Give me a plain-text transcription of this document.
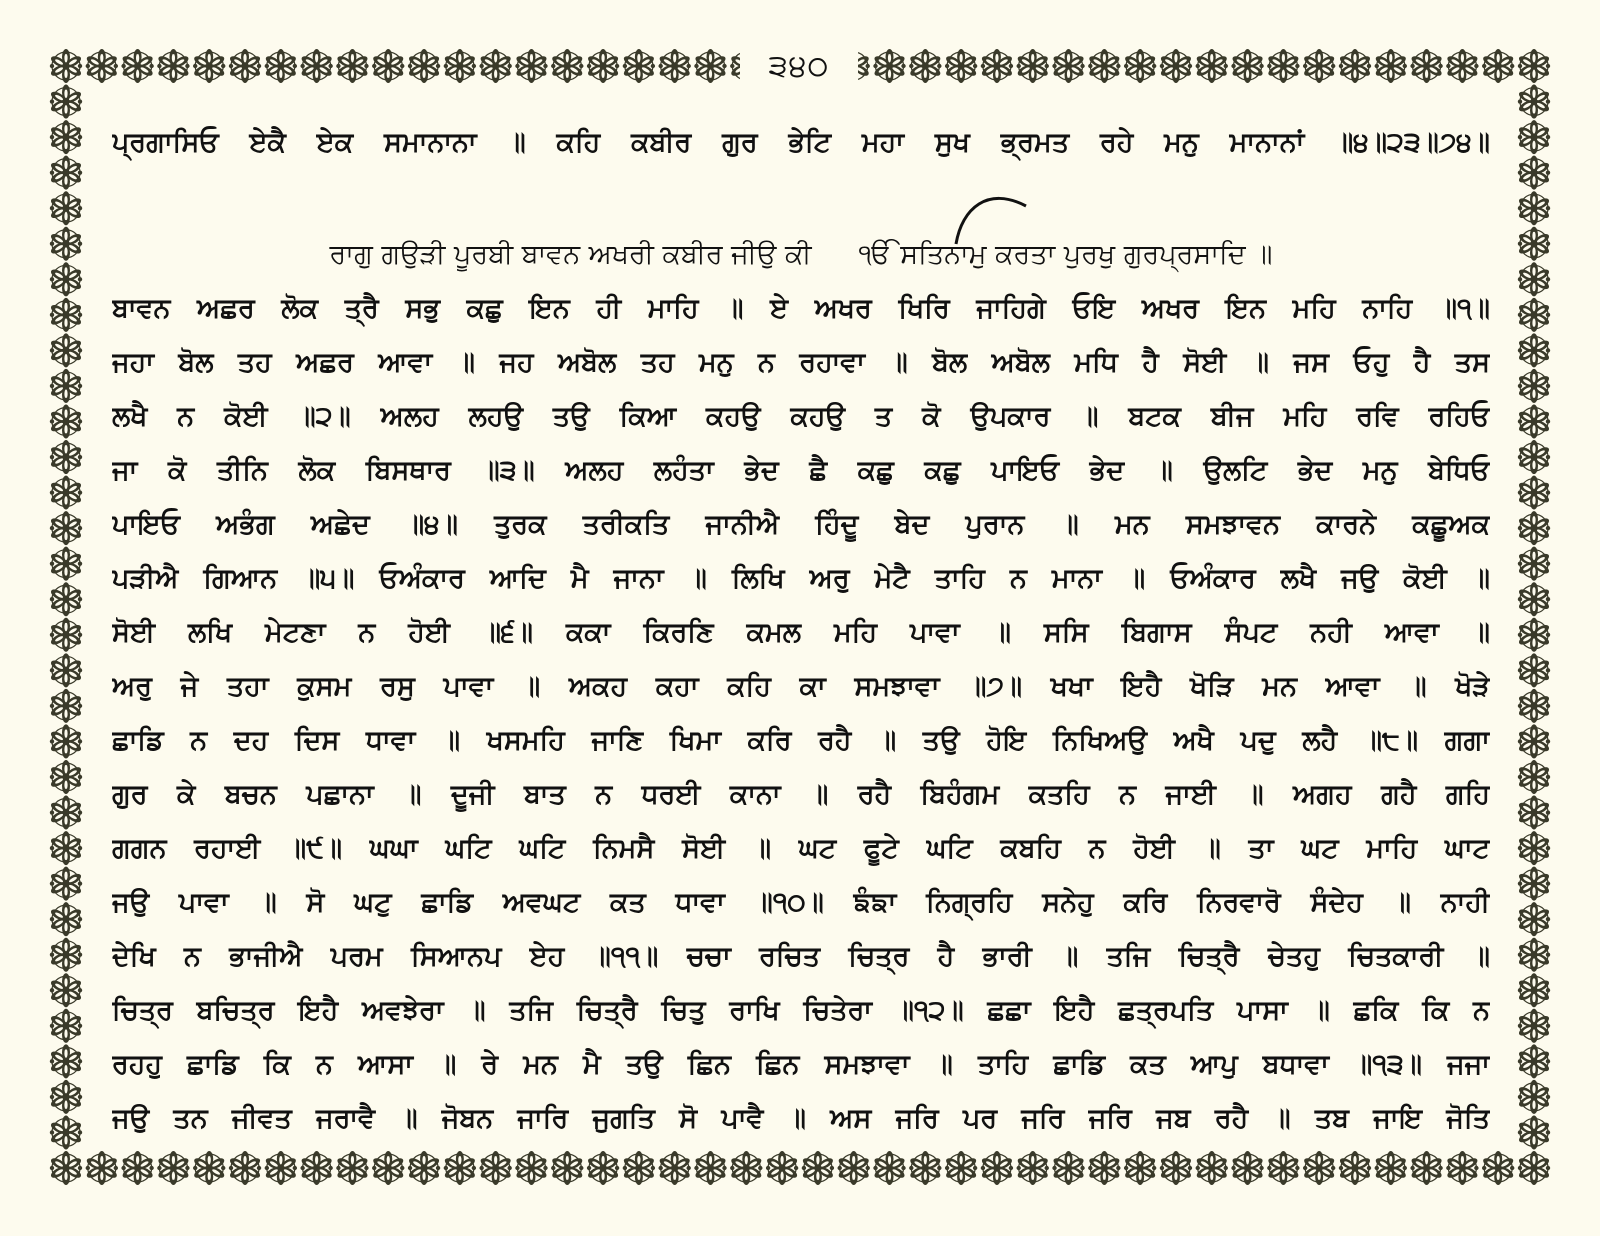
੩੪੦
ਪ੍ਰਗਾਸਿਓ ਏਕੈ ਏਕ ਸਮਾਨਾਨਾ ॥ ਕਹਿ ਕਬੀਰ ਗੁਰ ਭੇਟਿ ਮਹਾ ਸੁਖ ਭ੍ਰਮਤ ਰਹੇ ਮਨੁ ਮਾਨਾਨਾਂ ॥੪॥੨੩॥੭੪॥
ਰਾਗੁ ਗਉੜੀ ਪੂਰਬੀ ਬਾਵਨ ਅਖਰੀ ਕਬੀਰ ਜੀਉ ਕੀ ੴ ਸਤਿਨਾਮੁ ਕਰਤਾ ਪੁਰਖੁ ਗੁਰਪ੍ਰਸਾਦਿ ॥
ਬਾਵਨ ਅਛਰ ਲੋਕ ਤ੍ਰੈ ਸਭੁ ਕਛੁ ਇਨ ਹੀ ਮਾਹਿ ॥ ਏ ਅਖਰ ਖਿਰਿ ਜਾਹਿਗੇ ਓਇ ਅਖਰ ਇਨ ਮਹਿ ਨਾਹਿ ॥੧॥
ਜਹਾ ਬੋਲ ਤਹ ਅਛਰ ਆਵਾ ॥ ਜਹ ਅਬੋਲ ਤਹ ਮਨੁ ਨ ਰਹਾਵਾ ॥ ਬੋਲ ਅਬੋਲ ਮਧਿ ਹੈ ਸੋਈ ॥ ਜਸ ਓਹੁ ਹੈ ਤਸ
ਲਖੈ ਨ ਕੋਈ ॥੨॥ ਅਲਹ ਲਹਉ ਤਉ ਕਿਆ ਕਹਉ ਕਹਉ ਤ ਕੋ ਉਪਕਾਰ ॥ ਬਟਕ ਬੀਜ ਮਹਿ ਰਵਿ ਰਹਿਓ
ਜਾ ਕੋ ਤੀਨਿ ਲੋਕ ਬਿਸਥਾਰ ॥੩॥ ਅਲਹ ਲਹੰਤਾ ਭੇਦ ਛੈ ਕਛੁ ਕਛੁ ਪਾਇਓ ਭੇਦ ॥ ਉਲਟਿ ਭੇਦ ਮਨੁ ਬੇਧਿਓ
ਪਾਇਓ ਅਭੰਗ ਅਛੇਦ ॥੪॥ ਤੁਰਕ ਤਰੀਕਤਿ ਜਾਨੀਐ ਹਿੰਦੂ ਬੇਦ ਪੁਰਾਨ ॥ ਮਨ ਸਮਝਾਵਨ ਕਾਰਨੇ ਕਛੂਅਕ
ਪੜੀਐ ਗਿਆਨ ॥੫॥ ਓਅੰਕਾਰ ਆਦਿ ਮੈ ਜਾਨਾ ॥ ਲਿਖਿ ਅਰੁ ਮੇਟੈ ਤਾਹਿ ਨ ਮਾਨਾ ॥ ਓਅੰਕਾਰ ਲਖੈ ਜਉ ਕੋਈ ॥
ਸੋਈ ਲਖਿ ਮੇਟਣਾ ਨ ਹੋਈ ॥੬॥ ਕਕਾ ਕਿਰਣਿ ਕਮਲ ਮਹਿ ਪਾਵਾ ॥ ਸਸਿ ਬਿਗਾਸ ਸੰਪਟ ਨਹੀ ਆਵਾ ॥
ਅਰੁ ਜੇ ਤਹਾ ਕੁਸਮ ਰਸੁ ਪਾਵਾ ॥ ਅਕਹ ਕਹਾ ਕਹਿ ਕਾ ਸਮਝਾਵਾ ॥੭॥ ਖਖਾ ਇਹੈ ਖੋੜਿ ਮਨ ਆਵਾ ॥ ਖੋੜੇ
ਛਾਡਿ ਨ ਦਹ ਦਿਸ ਧਾਵਾ ॥ ਖਸਮਹਿ ਜਾਣਿ ਖਿਮਾ ਕਰਿ ਰਹੈ ॥ ਤਉ ਹੋਇ ਨਿਖਿਅਉ ਅਖੈ ਪਦੁ ਲਹੈ ॥੮॥ ਗਗਾ
ਗੁਰ ਕੇ ਬਚਨ ਪਛਾਨਾ ॥ ਦੂਜੀ ਬਾਤ ਨ ਧਰਈ ਕਾਨਾ ॥ ਰਹੈ ਬਿਹੰਗਮ ਕਤਹਿ ਨ ਜਾਈ ॥ ਅਗਹ ਗਹੈ ਗਹਿ
ਗਗਨ ਰਹਾਈ ॥੯॥ ਘਘਾ ਘਟਿ ਘਟਿ ਨਿਮਸੈ ਸੋਈ ॥ ਘਟ ਫੂਟੇ ਘਟਿ ਕਬਹਿ ਨ ਹੋਈ ॥ ਤਾ ਘਟ ਮਾਹਿ ਘਾਟ
ਜਉ ਪਾਵਾ ॥ ਸੋ ਘਟੁ ਛਾਡਿ ਅਵਘਟ ਕਤ ਧਾਵਾ ॥੧੦॥ ਙੰਙਾ ਨਿਗ੍ਰਹਿ ਸਨੇਹੁ ਕਰਿ ਨਿਰਵਾਰੋ ਸੰਦੇਹ ॥ ਨਾਹੀ
ਦੇਖਿ ਨ ਭਾਜੀਐ ਪਰਮ ਸਿਆਨਪ ਏਹ ॥੧੧॥ ਚਚਾ ਰਚਿਤ ਚਿਤ੍ਰ ਹੈ ਭਾਰੀ ॥ ਤਜਿ ਚਿਤ੍ਰੈ ਚੇਤਹੁ ਚਿਤਕਾਰੀ ॥
ਚਿਤ੍ਰ ਬਚਿਤ੍ਰ ਇਹੈ ਅਵਝੇਰਾ ॥ ਤਜਿ ਚਿਤ੍ਰੈ ਚਿਤੁ ਰਾਖਿ ਚਿਤੇਰਾ ॥੧੨॥ ਛਛਾ ਇਹੈ ਛਤ੍ਰਪਤਿ ਪਾਸਾ ॥ ਛਕਿ ਕਿ ਨ
ਰਹਹੁ ਛਾਡਿ ਕਿ ਨ ਆਸਾ ॥ ਰੇ ਮਨ ਮੈ ਤਉ ਛਿਨ ਛਿਨ ਸਮਝਾਵਾ ॥ ਤਾਹਿ ਛਾਡਿ ਕਤ ਆਪੁ ਬਧਾਵਾ ॥੧੩॥ ਜਜਾ
ਜਉ ਤਨ ਜੀਵਤ ਜਰਾਵੈ ॥ ਜੋਬਨ ਜਾਰਿ ਜੁਗਤਿ ਸੋ ਪਾਵੈ ॥ ਅਸ ਜਰਿ ਪਰ ਜਰਿ ਜਰਿ ਜਬ ਰਹੈ ॥ ਤਬ ਜਾਇ ਜੋਤਿ
